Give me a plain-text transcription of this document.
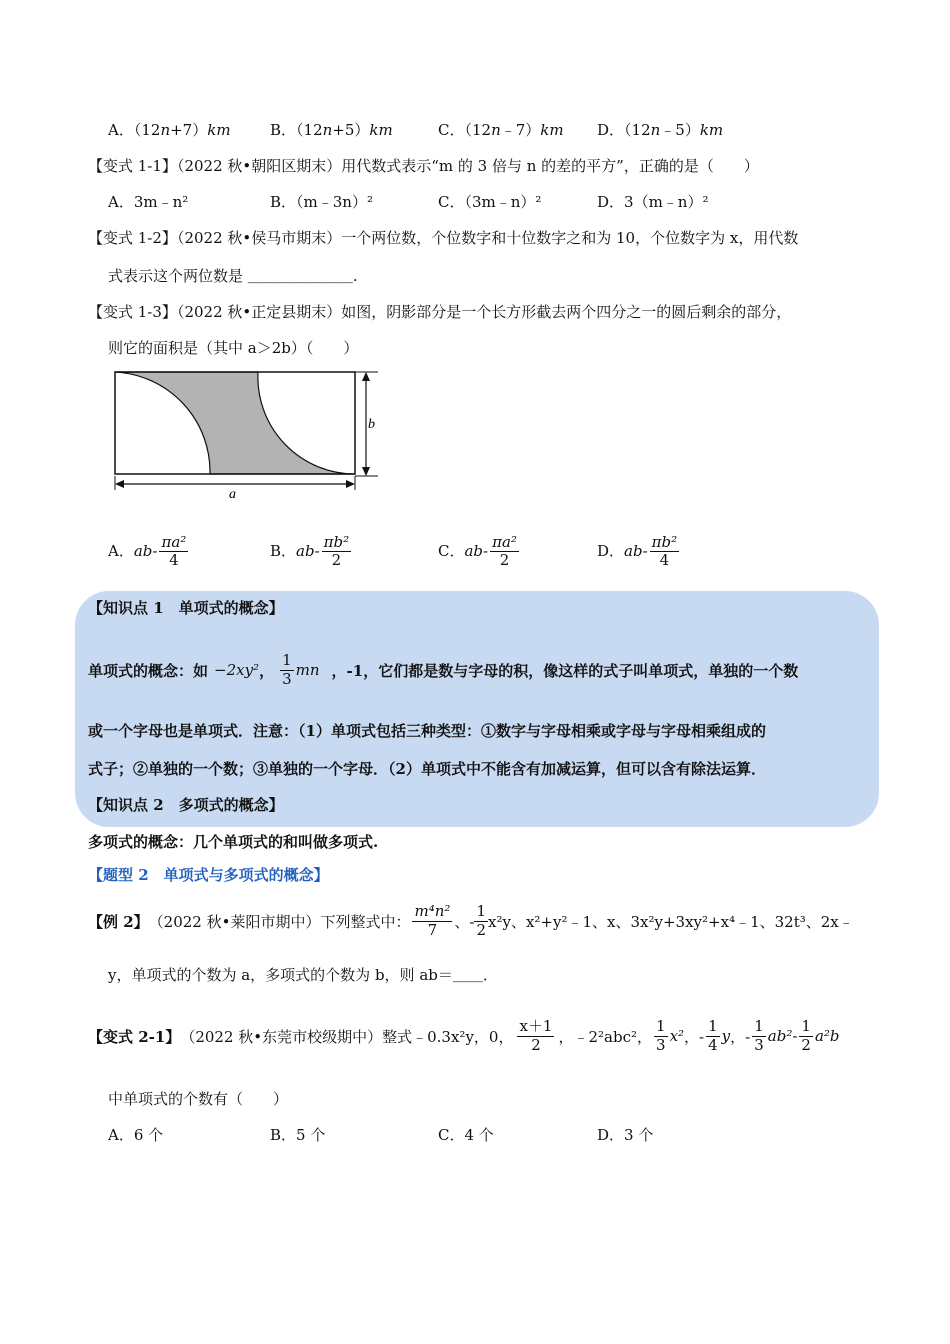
A．（12n+7）km	B．（12n+5）km	C．（12n﹣7）km D．（12n﹣5）km
【变式 1-1】（2022 秋•朝阳区期末）用代数式表示“m 的 3 倍与 n 的差的平方”，正确的是（　　）
A．3m﹣n²	B．（m﹣3n）²	C．（3m﹣n）²	D．3（m﹣n）²
【变式 1-2】（2022 秋•侯马市期末）一个两位数，个位数字和十位数字之和为 10，个位数字为 x，用代数
式表示这个两位数是 ＿＿＿＿＿＿＿.
【变式 1-3】（2022 秋•正定县期末）如图，阴影部分是一个长方形截去两个四分之一的圆后剩余的部分，
则它的面积是（其中 a＞2b）（　　）
b
a
A．$ab- \frac{\text{πa²}}{4}$	B．$ab- \frac{\text{πb²}}{2}$	C．$ab- \frac{\text{πa²}}{2}$	D．$ab- \frac{\text{πb²}}{4}$
【知识点 1　单项式的概念】
单项式的概念：如 −2xy² ， $\frac{1}{3}$ mn ，-1，它们都是数与字母的积，像这样的式子叫单项式，单独的一个数
或一个字母也是单项式．注意：（1）单项式包括三种类型：①数字与字母相乘或字母与字母相乘组成的
式子；②单独的一个数；③单独的一个字母．（2）单项式中不能含有加减运算，但可以含有除法运算．
【知识点 2　多项式的概念】
多项式的概念：几个单项式的和叫做多项式.
【题型 2　单项式与多项式的概念】
【例 2】 （2022 秋•莱阳市期中）下列整式中： $\frac{\text{m⁴n²}}{7}$ 、- $\frac{1}{2} x^2y$、x²+y²﹣1、x、3x²y+3xy²+x⁴﹣1、32t³、2x﹣
y，单项式的个数为 a，多项式的个数为 b，则 ab＝＿＿．
【变式 2-1】 （2022 秋•东莞市校级期中）整式﹣0.3x²y，0， $\frac{x+1}{2}$ ，﹣2²abc²， $\frac{1}{3} x^2$ ，- $\frac{1}{4}$ y ，- $\frac{1}{3} ab^2 - \frac{1}{2} a^2b$
中单项式的个数有（　　）
A．6 个	B．5 个	C．4 个	D．3 个
